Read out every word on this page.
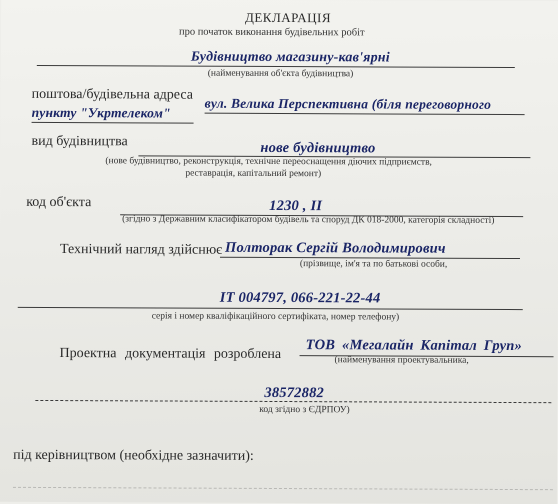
ДЕКЛАРАЦІЯ
про початок виконання будівельних робіт
Будівництво магазину-кав'ярні
(найменування об'єкта будівництва)
поштова/будівельна адреса
вул. Велика Перспективна (біля переговорного
пункту "Укртелеком"
вид будівництва	нове будівництво
(нове будівництво, реконструкція, технічне переоснащення діючих підприємств,
реставрація, капітальний ремонт)
код об'єкта	1230 , ІІ
(згідно з Державним класифікатором будівель та споруд ДК 018-2000, категорія складності)
Технічний нагляд здійснює Полторак Сергій Володимирович
(прізвище, ім'я та по батькові особи,
ІТ 004797, 066-221-22-44
серія і номер кваліфікаційного сертифіката, номер телефону)
Проектна документація розроблена ТОВ «Мегалайн Капітал Груп»
(найменування проектувальника,
38572882
код згідно з ЄДРПОУ)
під керівництвом (необхідне зазначити):
